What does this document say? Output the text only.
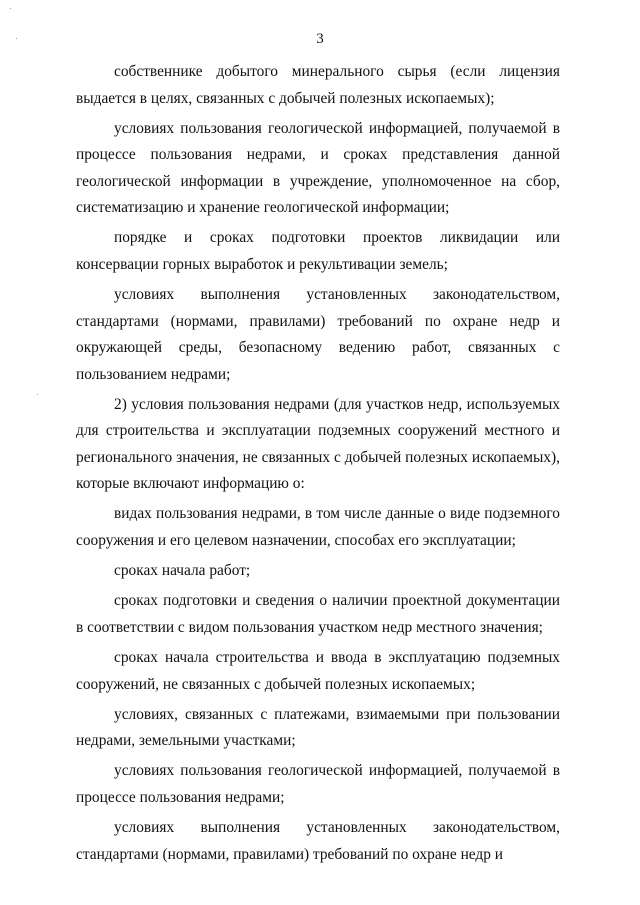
3

собственнике добытого минерального сырья (если лицензия выдается в целях, связанных с добычей полезных ископаемых);

условиях пользования геологической информацией, получаемой в процессе пользования недрами, и сроках представления данной геологической информации в учреждение, уполномоченное на сбор, систематизацию и хранение геологической информации;

порядке и сроках подготовки проектов ликвидации или консервации горных выработок и рекультивации земель;

условиях выполнения установленных законодательством, стандартами (нормами, правилами) требований по охране недр и окружающей среды, безопасному ведению работ, связанных с пользованием недрами;

2) условия пользования недрами (для участков недр, используемых для строительства и эксплуатации подземных сооружений местного и регионального значения, не связанных с добычей полезных ископаемых), которые включают информацию о:

видах пользования недрами, в том числе данные о виде подземного сооружения и его целевом назначении, способах его эксплуатации;

сроках начала работ;

сроках подготовки и сведения о наличии проектной документации в соответствии с видом пользования участком недр местного значения;

сроках начала строительства и ввода в эксплуатацию подземных сооружений, не связанных с добычей полезных ископаемых;

условиях, связанных с платежами, взимаемыми при пользовании недрами, земельными участками;

условиях пользования геологической информацией, получаемой в процессе пользования недрами;

условиях выполнения установленных законодательством, стандартами (нормами, правилами) требований по охране недр и
